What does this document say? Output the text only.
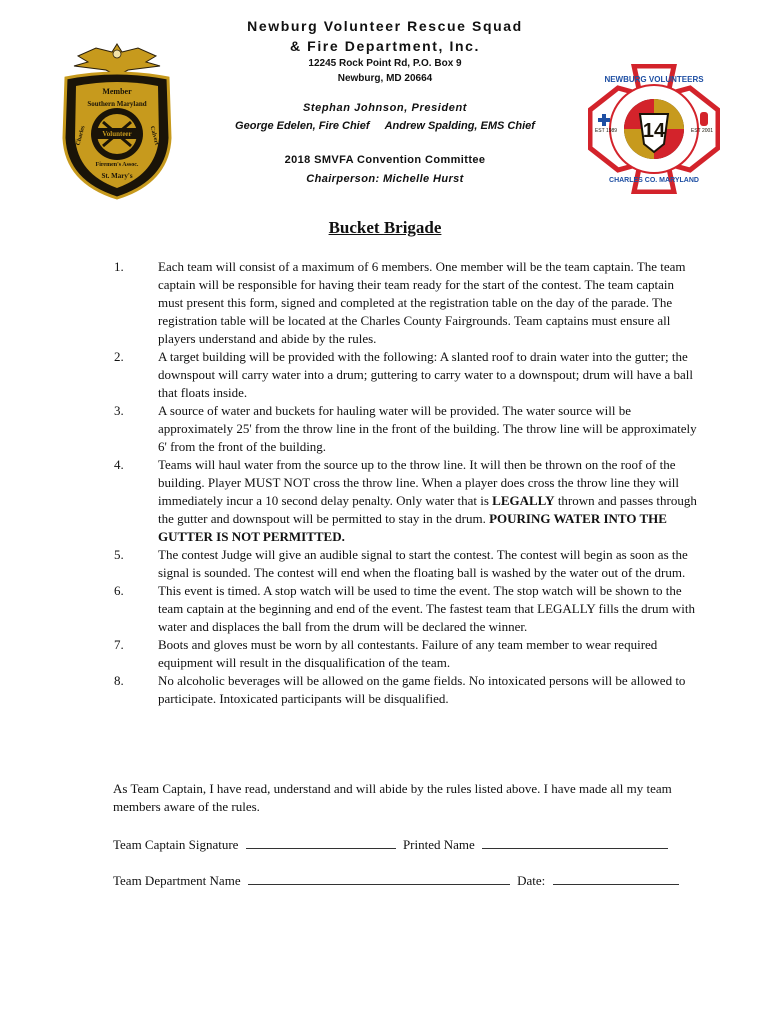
Newburg Volunteer Rescue Squad
& Fire Department, Inc.
12245 Rock Point Rd, P.O. Box 9
Newburg, MD 20664
Stephan Johnson, President
George Edelen, Fire Chief Andrew Spalding, EMS Chief
2018 SMVFA Convention Committee
Chairperson: Michelle Hurst
Volunteer
Member
Southern Maryland
Firemen's Assoc.
St. Mary's
Charles	Calvert	14
NEWBURG VOLUNTEERS
CHARLES CO. MARYLAND
EST 1989	EST 2001
Bucket Brigade
1.	Each team will consist of a maximum of 6 members. One member will be the team captain. The team captain will be responsible for having their team ready for the start of the contest. The team captain must present this form, signed and completed at the registration table on the day of the parade. The registration table will be located at the Charles County Fairgrounds. Team captains must ensure all players understand and abide by the rules.
2.	A target building will be provided with the following: A slanted roof to drain water into the gutter; the downspout will carry water into a drum; guttering to carry water to a downspout; drum will have a ball that floats inside.
3.	A source of water and buckets for hauling water will be provided. The water source will be approximately 25' from the throw line in the front of the building. The throw line will be approximately 6' from the front of the building.
4.	Teams will haul water from the source up to the throw line. It will then be thrown on the roof of the building. Player MUST NOT cross the throw line. When a player does cross the throw line they will immediately incur a 10 second delay penalty. Only water that is LEGALLY thrown and passes through the gutter and downspout will be permitted to stay in the drum. POURING WATER INTO THE GUTTER IS NOT PERMITTED.
5.	The contest Judge will give an audible signal to start the contest. The contest will begin as soon as the signal is sounded. The contest will end when the floating ball is washed by the water out of the drum.
6.	This event is timed. A stop watch will be used to time the event. The stop watch will be shown to the team captain at the beginning and end of the event. The fastest team that LEGALLY fills the drum with water and displaces the ball from the drum will be declared the winner.
7.	Boots and gloves must be worn by all contestants. Failure of any team member to wear required equipment will result in the disqualification of the team.
8.	No alcoholic beverages will be allowed on the game fields. No intoxicated persons will be allowed to participate. Intoxicated participants will be disqualified.
As Team Captain, I have read, understand and will abide by the rules listed above. I have made all my team members aware of the rules.
Team Captain Signature	Printed Name
Team Department Name	Date:
